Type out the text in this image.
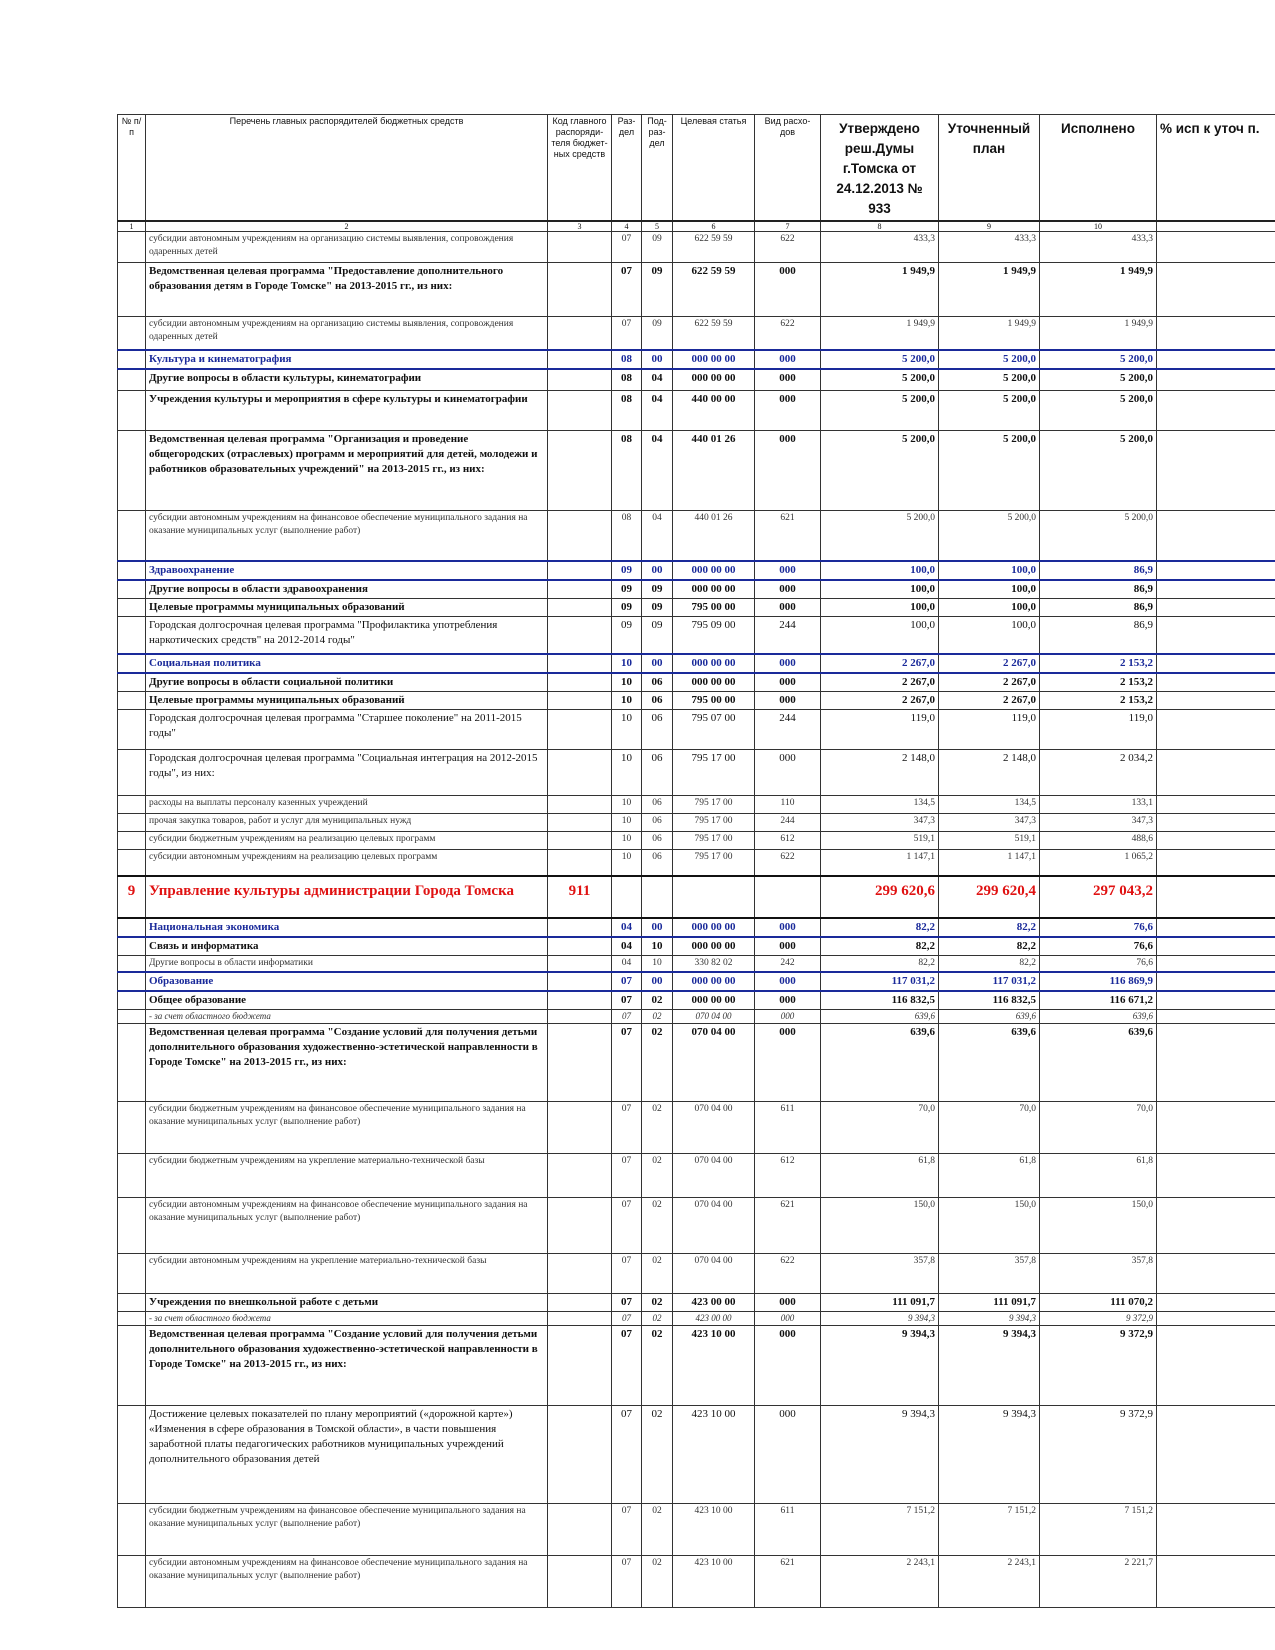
№ п/п	Перечень главных распорядителей бюджетных средств	Код главного распоряди-теля бюджет-ных средств	Раз-дел	Под-раз-дел	Целевая статья	Вид расхо-дов	Утверждено реш.Думы г.Томска от 24.12.2013 № 933	Уточненный план	Исполнено	% исп к уточ п.
1	2	3	4	5	6	7	8	9	10	
	субсидии автономным учреждениям на организацию системы выявления, сопровождения одаренных детей		07	09	622 59 59	622	433,3	433,3	433,3	
	Ведомственная целевая программа "Предоставление дополнительного образования детям в Городе Томске" на 2013-2015 гг., из них:		07	09	622 59 59	000	1 949,9	1 949,9	1 949,9	
	субсидии автономным учреждениям на организацию системы выявления, сопровождения одаренных детей		07	09	622 59 59	622	1 949,9	1 949,9	1 949,9	
	Культура и кинематография		08	00	000 00 00	000	5 200,0	5 200,0	5 200,0	
	Другие вопросы в области культуры, кинематографии		08	04	000 00 00	000	5 200,0	5 200,0	5 200,0	
	Учреждения культуры и мероприятия в сфере культуры и кинематографии		08	04	440 00 00	000	5 200,0	5 200,0	5 200,0	
	Ведомственная целевая программа "Организация и проведение общегородских (отраслевых) программ и мероприятий для детей, молодежи и работников образовательных учреждений" на 2013-2015 гг., из них:		08	04	440 01 26	000	5 200,0	5 200,0	5 200,0	
	субсидии автономным учреждениям на финансовое обеспечение муниципального задания на оказание муниципальных услуг (выполнение работ)		08	04	440 01 26	621	5 200,0	5 200,0	5 200,0	
	Здравоохранение		09	00	000 00 00	000	100,0	100,0	86,9	
	Другие вопросы в области здравоохранения		09	09	000 00 00	000	100,0	100,0	86,9	
	Целевые программы муниципальных образований		09	09	795 00 00	000	100,0	100,0	86,9	
	Городская долгосрочная целевая программа "Профилактика употребления наркотических средств" на 2012-2014 годы"		09	09	795 09 00	244	100,0	100,0	86,9	
	Социальная политика		10	00	000 00 00	000	2 267,0	2 267,0	2 153,2	
	Другие вопросы в области социальной политики		10	06	000 00 00	000	2 267,0	2 267,0	2 153,2	
	Целевые программы муниципальных образований		10	06	795 00 00	000	2 267,0	2 267,0	2 153,2	
	Городская долгосрочная целевая программа "Старшее поколение" на 2011-2015 годы"		10	06	795 07 00	244	119,0	119,0	119,0	
	Городская долгосрочная целевая программа "Социальная интеграция на 2012-2015 годы", из них:		10	06	795 17 00	000	2 148,0	2 148,0	2 034,2	
	расходы на выплаты персоналу казенных учреждений		10	06	795 17 00	110	134,5	134,5	133,1	
	прочая закупка товаров, работ и услуг для муниципальных нужд		10	06	795 17 00	244	347,3	347,3	347,3	
	субсидии бюджетным учреждениям на реализацию целевых программ		10	06	795 17 00	612	519,1	519,1	488,6	
	субсидии автономным учреждениям на реализацию целевых программ		10	06	795 17 00	622	1 147,1	1 147,1	1 065,2	
9	Управление культуры администрации Города Томска	911					299 620,6	299 620,4	297 043,2	
	Национальная экономика		04	00	000 00 00	000	82,2	82,2	76,6	
	Связь и информатика		04	10	000 00 00	000	82,2	82,2	76,6	
	Другие вопросы в области информатики		04	10	330 82 02	242	82,2	82,2	76,6	
	Образование		07	00	000 00 00	000	117 031,2	117 031,2	116 869,9	
	Общее образование		07	02	000 00 00	000	116 832,5	116 832,5	116 671,2	
	- за счет областного бюджета		07	02	070 04 00	000	639,6	639,6	639,6	
	Ведомственная целевая программа "Создание условий для получения детьми дополнительного образования художественно-эстетической направленности в Городе Томске" на 2013-2015 гг., из них:		07	02	070 04 00	000	639,6	639,6	639,6	
	субсидии бюджетным учреждениям на финансовое обеспечение муниципального задания на оказание муниципальных услуг (выполнение работ)		07	02	070 04 00	611	70,0	70,0	70,0	
	субсидии бюджетным учреждениям на укрепление материально-технической базы		07	02	070 04 00	612	61,8	61,8	61,8	
	субсидии автономным учреждениям на финансовое обеспечение муниципального задания на оказание муниципальных услуг (выполнение работ)		07	02	070 04 00	621	150,0	150,0	150,0	
	субсидии автономным учреждениям на укрепление материально-технической базы		07	02	070 04 00	622	357,8	357,8	357,8	
	Учреждения по внешкольной работе с детьми		07	02	423 00 00	000	111 091,7	111 091,7	111 070,2	
	- за счет областного бюджета		07	02	423 00 00	000	9 394,3	9 394,3	9 372,9	
	Ведомственная целевая программа "Создание условий для получения детьми дополнительного образования художественно-эстетической направленности в Городе Томске" на 2013-2015 гг., из них:		07	02	423 10 00	000	9 394,3	9 394,3	9 372,9	
	Достижение целевых показателей по плану мероприятий («дорожной карте») «Изменения в сфере образования в Томской области», в части повышения заработной платы педагогических работников муниципальных учреждений дополнительного образования детей		07	02	423 10 00	000	9 394,3	9 394,3	9 372,9	
	субсидии бюджетным учреждениям на финансовое обеспечение муниципального задания на оказание муниципальных услуг (выполнение работ)		07	02	423 10 00	611	7 151,2	7 151,2	7 151,2	
	субсидии автономным учреждениям на финансовое обеспечение муниципального задания на оказание муниципальных услуг (выполнение работ)		07	02	423 10 00	621	2 243,1	2 243,1	2 221,7	
